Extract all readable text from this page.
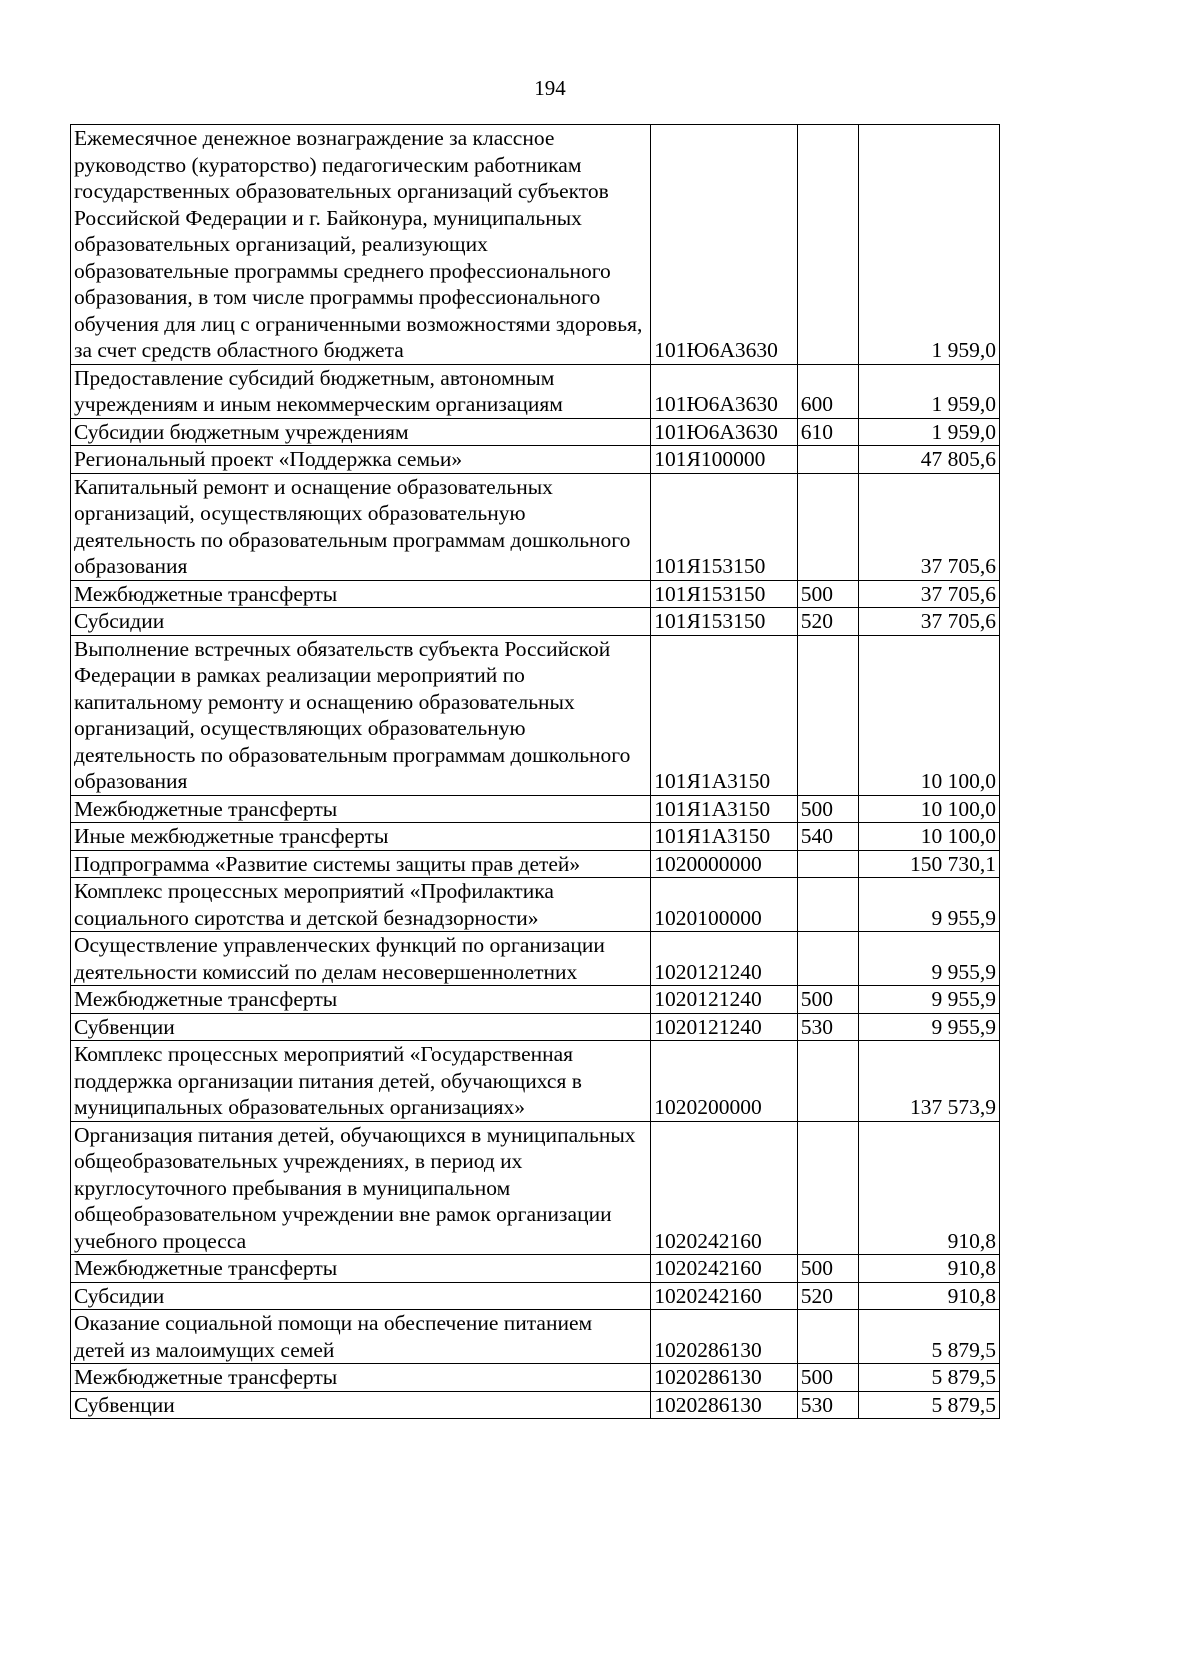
194
Ежемесячное денежное вознаграждение за классное руководство (кураторство) педагогическим работникам государственных образовательных организаций субъектов Российской Федерации и г. Байконура, муниципальных образовательных организаций, реализующих образовательные программы среднего профессионального образования, в том числе программы профессионального обучения для лиц с ограниченными возможностями здоровья, за счет средств областного бюджета	101Ю6А3630		1 959,0
Предоставление субсидий бюджетным, автономным учреждениям и иным некоммерческим организациям	101Ю6А3630	600	1 959,0
Субсидии бюджетным учреждениям	101Ю6А3630	610	1 959,0
Региональный проект «Поддержка семьи»	101Я100000		47 805,6
Капитальный ремонт и оснащение образовательных организаций, осуществляющих образовательную деятельность по образовательным программам дошкольного образования	101Я153150		37 705,6
Межбюджетные трансферты	101Я153150	500	37 705,6
Субсидии	101Я153150	520	37 705,6
Выполнение встречных обязательств субъекта Российской Федерации в рамках реализации мероприятий по капитальному ремонту и оснащению образовательных организаций, осуществляющих образовательную деятельность по образовательным программам дошкольного образования	101Я1А3150		10 100,0
Межбюджетные трансферты	101Я1А3150	500	10 100,0
Иные межбюджетные трансферты	101Я1А3150	540	10 100,0
Подпрограмма «Развитие системы защиты прав детей»	1020000000		150 730,1
Комплекс процессных мероприятий «Профилактика социального сиротства и детской безнадзорности»	1020100000		9 955,9
Осуществление управленческих функций по организации деятельности комиссий по делам несовершеннолетних	1020121240		9 955,9
Межбюджетные трансферты	1020121240	500	9 955,9
Субвенции	1020121240	530	9 955,9
Комплекс процессных мероприятий «Государственная поддержка организации питания детей, обучающихся в муниципальных образовательных организациях»	1020200000		137 573,9
Организация питания детей, обучающихся в муниципальных общеобразовательных учреждениях, в период их круглосуточного пребывания в муниципальном общеобразовательном учреждении вне рамок организации учебного процесса	1020242160		910,8
Межбюджетные трансферты	1020242160	500	910,8
Субсидии	1020242160	520	910,8
Оказание социальной помощи на обеспечение питанием детей из малоимущих семей	1020286130		5 879,5
Межбюджетные трансферты	1020286130	500	5 879,5
Субвенции	1020286130	530	5 879,5
